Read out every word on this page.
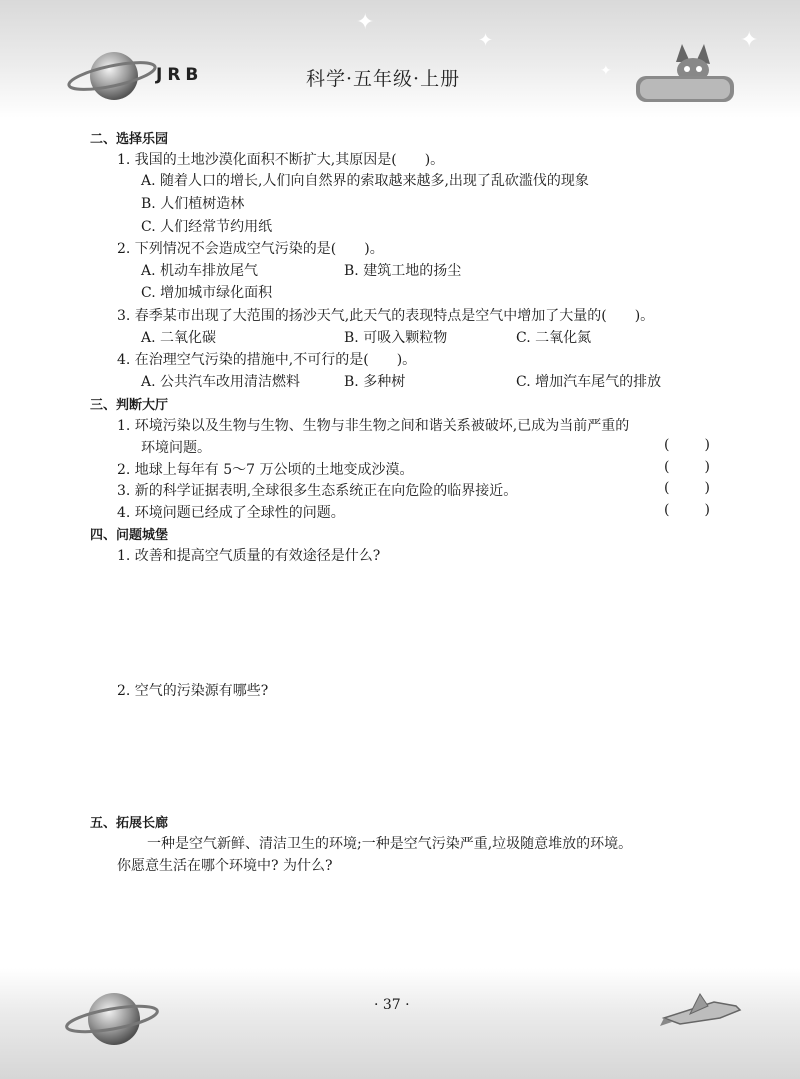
✦
✦	✦
✦
JRB	科学·五年级·上册
二、选择乐园
1. 我国的土地沙漠化面积不断扩大,其原因是(　　)。
A. 随着人口的增长,人们向自然界的索取越来越多,出现了乱砍滥伐的现象
B. 人们植树造林
C. 人们经常节约用纸
2. 下列情况不会造成空气污染的是(　　)。
A. 机动车排放尾气	B. 建筑工地的扬尘
C. 增加城市绿化面积
3. 春季某市出现了大范围的扬沙天气,此天气的表现特点是空气中增加了大量的(　　)。
A. 二氧化碳	B. 可吸入颗粒物	C. 二氧化氮
4. 在治理空气污染的措施中,不可行的是(　　)。
A. 公共汽车改用清洁燃料	B. 多种树	C. 增加汽车尾气的排放
三、判断大厅
1. 环境污染以及生物与生物、生物与非生物之间和谐关系被破坏,已成为当前严重的
环境问题。	(	)
2. 地球上每年有 5～7 万公顷的土地变成沙漠。	(	)
3. 新的科学证据表明,全球很多生态系统正在向危险的临界接近。	(	)
4. 环境问题已经成了全球性的问题。	(	)
四、问题城堡
1. 改善和提高空气质量的有效途径是什么?
2. 空气的污染源有哪些?
五、拓展长廊
一种是空气新鲜、清洁卫生的环境;一种是空气污染严重,垃圾随意堆放的环境。
你愿意生活在哪个环境中? 为什么?
· 37 ·
